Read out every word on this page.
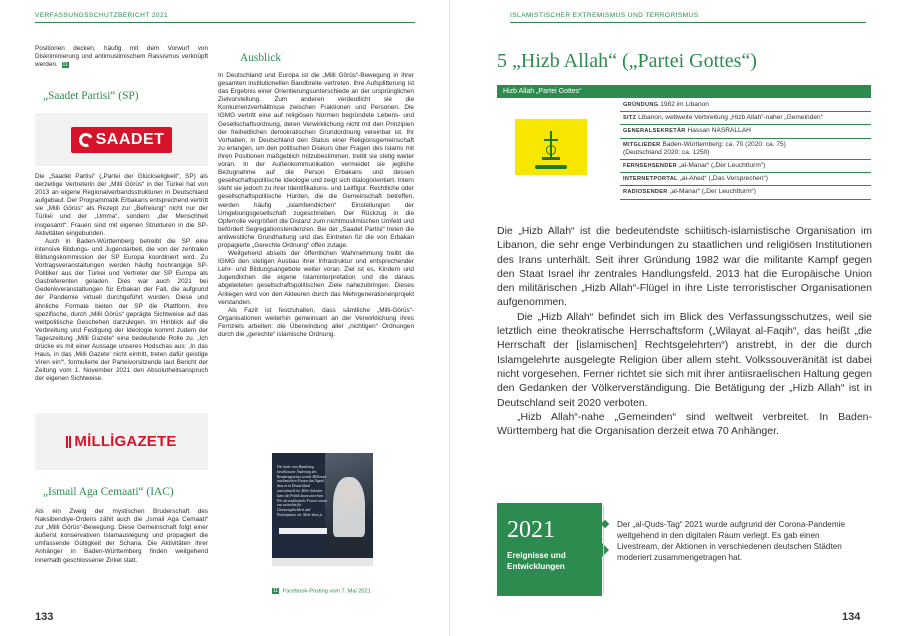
VERFASSUNGSSCHUTZBERICHT 2021

Positionen decken, häufig mit dem Vorwurf von Diskriminierung und antimuslimischem Rassismus verknüpft werden. 11

„Saadet Partisi“ (SP)
SAADET

Die „Saadet Partisi“ („Partei der Glückseligkeit“, SP) als derzeitige Vertreterin der „Milli Görüs“ in der Türkei hat von 2013 an eigene Regionalverbandsstrukturen in Deutschland aufgebaut. Der Programmatik Erbakans entsprechend vertritt sie „Milli Görüs“ als Rezept zur „Befreiung“ nicht nur der Türkei und der „Umma“, sondern „der Menschheit insgesamt“. Frauen sind mit eigenen Strukturen in die SP-Aktivitäten eingebunden.

Auch in Baden-Württemberg betreibt die SP eine intensive Bildungs- und Jugendarbeit, die von der zentralen Bildungskommission der SP Europa koordiniert wird. Zu Vortragsveranstaltungen werden häufig hochrangige SP-Politiker aus der Türkei und Vertreter der SP Europa als Gastreferenten geladen. Dies war auch 2021 bei Gedenkveranstaltungen für Erbakan der Fall, die aufgrund der Pandemie virtuell durchgeführt wurden. Diese und ähnliche Formate bieten der SP die Plattform, ihre spezifische, durch „Milli Görüs“ geprägte Sichtweise auf das weltpolitische Geschehen darzulegen. Im Hinblick auf die Verbreitung und Festigung der Ideologie kommt zudem der Tageszeitung „Milli Gazete“ eine bedeutende Rolle zu. „Ich drücke es mit einer Aussage unseres Hodschas aus: ,In das Haus, in das ,Milli Gazete‘ nicht eintritt, treten dafür geistige Viren ein‘“, formulierte der Parteivorsitzende laut Bericht der Zeitung vom 1. November 2021 den Absolutheitsanspruch der eigenen Sichtweise.

MİLLİGAZETE
„Ismail Aga Cemaati“ (IAC)

Als ein Zweig der mystischen Bruderschaft des Naksibendiye-Ordens zählt auch die „Ismail Aga Cemaati“ zur „Milli Görüs“-Bewegung. Diese Gemeinschaft folgt einer äußerst konservativen Islamauslegung und propagiert die umfassende Gültigkeit der Scharia. Die Aktivitäten ihrer Anhänger in Baden-Württemberg finden weitgehend innerhalb geschlossener Zirkel statt.

Ausblick

In Deutschland und Europa ist die „Milli Görüs“-Bewegung in ihrer gesamten institutionellen Bandbreite vertreten. Ihre Aufsplitterung ist das Ergebnis einer Orientierungsunterschiede an der ursprünglichen Zielvorstellung. Zum anderen verdeutlicht sie die Konkurrenzverhältnisse zwischen Fraktionen und Personen. Die IGMG vertritt eine auf religiösen Normen begründete Lebens- und Gesellschaftsordnung, deren Verwirklichung nicht mit den Prinzipien der freiheitlichen demokratischen Grundordnung vereinbar ist. Ihr Vorhaben, in Deutschland den Status einer Religionsgemeinschaft zu erlangen, um den politischen Diskurs über Fragen des Islams mit ihren Positionen maßgeblich mitzubestimmen, treibt sie stetig weiter voran. In der Außenkommunikation vermeidet sie jegliche Bezugnahme auf die Person Erbakans und dessen gesellschaftspolitische Ideologie und zeigt sich dialogorientiert. Intern steht sie jedoch zu ihrer Identifikations- und Leitfigur. Rechtliche oder gesellschaftspolitische Hürden, die die Gemeinschaft betreffen, werden häufig „islamfeindlichen“ Einstellungen der Umgebungsgesellschaft zugeschrieben. Der Rückzug in die Opferrolle vergrößert die Distanz zum nichtmuslimischen Umfeld und befördert Segregationstendenzen. Bei der „Saadet Partisi“ treten die antiwestliche Grundhaltung und das Eintreten für die von Erbakan propagierte „Gerechte Ordnung“ offen zutage.

Weitgehend abseits der öffentlichen Wahrnehmung treibt die IGMG den stetigen Ausbau ihrer Infrastruktur und entsprechender Lehr- und Bildungsangebote weiter voran. Ziel ist es, Kindern und Jugendlichen die eigene Islaminterpretation und die daraus abgeleiteten gesellschaftspolitischen Ziele nahezubringen. Dieses Anliegen wird von den Akteuren durch das Mehrgenerationenprojekt verstanden.

Als Fazit ist festzuhalten, dass sämtliche „Milli-Görüs“-Organisationen weiterhin gemeinsam an der Verwirklichung ihres Fernziels arbeiten: die Überwindung aller „nichtigen“ Ordnungen durch die „gerechte“ islamische Ordnung.

Die heute vom Bundestag beschlossene Änderung des Beamtengesetzes sendet Millionen muslimischen Frauen das Signal, dass es in Deutschland unerwünscht ist. Mehr Schaden kann die Politik kaum anrichten. Wir als muslimische Frauen setzen uns weiterhin für Chancengleichheit und Partizipation ein. Mehr denn je.
11 Facebook-Posting vom 7. Mai 2021
133
ISLAMISTISCHER EXTREMISMUS UND TERRORISMUS
134
5 „Hizb Allah“ („Partei Gottes“)
Hizb Allah „Partei Gottes“
GRÜNDUNG 1982 im Libanon
SITZ Libanon, weltweite Verbreitung „Hizb Allah“-naher „Gemeinden“
GENERALSEKRETÄR Hassan NASRALLAH
MITGLIEDER Baden-Württemberg: ca. 70 (2020: ca. 75)
(Deutschland 2020: ca. 1250)
FERNSEHSENDER „al-Manar“ („Der Leuchtturm“)
INTERNETPORTAL „al-Ahed“ („Das Versprechen“)
RADIOSENDER „al-Manar“ („Der Leuchtturm“)

Die „Hizb Allah“ ist die bedeutendste schiitisch-islamistische Organisation im Libanon, die sehr enge Verbindungen zu staatlichen und religiösen Institutionen des Irans unterhält. Seit ihrer Gründung 1982 war die militante Kampf gegen den Staat Israel ihr zentrales Handlungsfeld. 2013 hat die Europäische Union den militärischen „Hizb Allah“-Flügel in ihre Liste terroristischer Organisationen aufgenommen.

Die „Hizb Allah“ befindet sich im Blick des Verfassungsschutzes, weil sie letztlich eine theokratische Herrschaftsform („Wilayat al-Faqih“, das heißt „die Herrschaft der [islamischen] Rechtsgelehrten“) anstrebt, in der die durch Islamgelehrte ausgelegte Religion über allem steht. Volkssouveränität ist dabei nicht vorgesehen. Ferner richtet sie sich mit ihrer antiisraelischen Haltung gegen den Gedanken der Völkerverständigung. Die Betätigung der „Hizb Allah“ ist in Deutschland seit 2020 verboten.

„Hizb Allah“-nahe „Gemeinden“ sind weltweit verbreitet. In Baden-Württemberg hat die Organisation derzeit etwa 70 Anhänger.

2021
Ereignisse und Entwicklungen
Der „al-Quds-Tag“ 2021 wurde aufgrund der Corona-Pandemie weitgehend in den digitalen Raum verlegt. Es gab einen Livestream, der Aktionen in verschiedenen deutschen Städten moderiert zusammengetragen hat.
